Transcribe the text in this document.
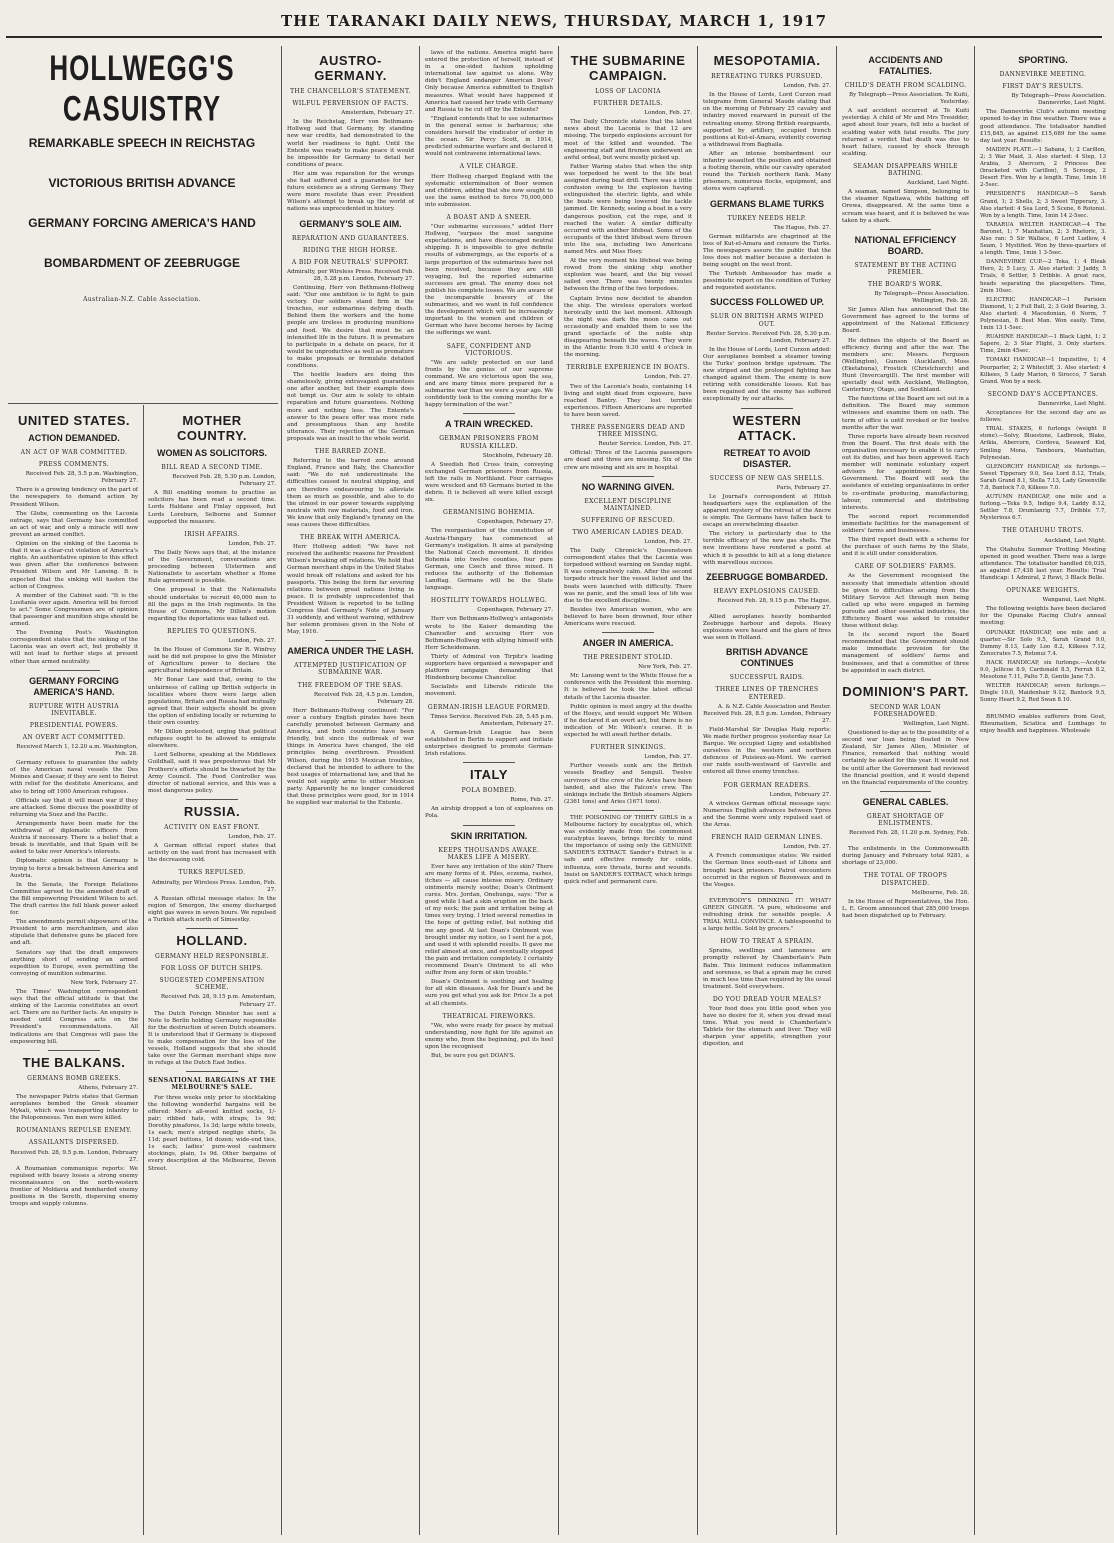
THE TARANAKI DAILY NEWS, THURSDAY, MARCH 1, 1917
HOLLWEGG'S CASUISTRY
REMARKABLE SPEECH IN REICHSTAG
VICTORIOUS BRITISH ADVANCE
GERMANY FORCING AMERICA'S HAND
BOMBARDMENT OF ZEEBRUGGE
Australian-N.Z. Cable Association.
UNITED STATES.
ACTION DEMANDED.
AN ACT OF WAR COMMITTED.
PRESS COMMENTS.
Received Feb. 28, 5.5 p.m. Washington, February 27.

There is a growing tendency on the part of the newspapers to demand action by President Wilson.

The Globe, commenting on the Laconia outrage, says that Germany has committed an act of war, and only a miracle will now prevent an armed conflict.

Opinion on the sinking of the Laconia is that it was a clear-cut violation of America's rights. An authoritative opinion to this effect was given after the conference between President Wilson and Mr Lansing. It is expected that the sinking will hasten the action of Congress.

A member of the Cabinet said: "It is the Lusitania over again. America will be forced to act." Some Congressmen are of opinion that passenger and munition ships should be armed.

The Evening Post's Washington correspondent states that the sinking of the Laconia was an overt act, but probably it will not lead to further steps at present other than armed neutrality.

GERMANY FORCING AMERICA'S HAND.
RUPTURE WITH AUSTRIA INEVITABLE.
PRESIDENTIAL POWERS.
AN OVERT ACT COMMITTED.
Received March 1, 12.20 a.m. Washington, Feb. 28.

Germany refuses to guarantee the safety of the American naval vessels the Des Moines and Caesar, if they are sent to Beirut with relief for the destitute Americans, and also to bring off 1000 American refugees.

Officials say that it will mean war if they are attacked. Some discuss the possibility of returning via Suez and the Pacific.

Arrangements have been made for the withdrawal of diplomatic officers from Austria if necessary. There is a belief that a break is inevitable, and that Spain will be asked to take over America's interests.

Diplomatic opinion is that Germany is trying to force a break between America and Austria.

In the Senate, the Foreign Relations Committee agreed to the amended draft of the Bill empowering President Wilson to act. The draft carries the full blank power asked for.

The amendments permit shipowners of the President to arm merchantmen, and also stipulate that defensive guns be placed fore and aft.

Senators say that the draft empowers anything short of sending an armed expedition to Europe, even permitting the convoying of munition submarine.

New York, February 27.

The Times' Washington correspondent says that the official attitude is that the sinking of the Laconia constitutes an overt act. There are no further facts. An enquiry is needed until Congress acts on the President's recommendations. All indications are that Congress will pass the empowering bill.

THE BALKANS.
GERMANS BOMB GREEKS.
Athens, February 27.

The newspaper Patris states that German aeroplanes bombed the Greek steamer Mykali, which was transporting infantry to the Peloponnesus. Ten men were killed.

ROUMANIANS REPULSE ENEMY.
ASSAILANTS DISPERSED.
Received Feb. 28, 9.5 p.m. London, February 27.

A Roumanian communique reports: We repulsed with heavy losses a strong enemy reconnaissance on the north-western frontier of Moldavia and bombarded enemy positions in the Sereth, dispersing enemy troops and supply columns.

MOTHER COUNTRY.
WOMEN AS SOLICITORS.
BILL READ A SECOND TIME.
Received Feb. 28, 5.30 p.m. London, February 27.

A Bill enabling women to practise as solicitors has been read a second time. Lords Haldane and Finlay opposed, but Lords Loreburn, Selborne and Sumner supported the measure.

IRISH AFFAIRS.
London, Feb. 27.

The Daily News says that, at the instance of the Government, conversations are proceeding between Ulstermen and Nationalists to ascertain whether a Home Rule agreement is possible.

One proposal is that the Nationalists should undertake to recruit 40,000 men to fill the gaps in the Irish regiments. In the House of Commons, Mr Dillon's motion regarding the deportations was talked out.

REPLIES TO QUESTIONS.
London, Feb. 27.

In the House of Commons Sir R. Winfrey said he did not propose to give the Minister of Agriculture power to declare the agricultural independence of Britain.

Mr Bonar Law said that, owing to the unfairness of calling up British subjects in localities where there were large alien populations, Britain and Russia had mutually agreed that their subjects should be given the option of enlisting locally or returning to their own country.

Mr Dillon protested, urging that political refugees ought to be allowed to emigrate elsewhere.

Lord Selborne, speaking at the Middlesex Guildhall, said it was preposterous that Mr Prothero's efforts should be thwarted by the Army Council. The Food Controller was director of national service, and this was a most dangerous policy.

RUSSIA.
ACTIVITY ON EAST FRONT.
London, Feb. 27.

A German official report states that activity on the east front has increased with the decreasing cold.

TURKS REPULSED.
Admiralty, per Wireless Press. London, Feb. 27.

A Russian official message states: In the region of Smorgon, the enemy discharged eight gas waves in seven hours. We repulsed a Turkish attack north of Simsestky.

HOLLAND.
GERMANY HELD RESPONSIBLE.
FOR LOSS OF DUTCH SHIPS.
SUGGESTED COMPENSATION SCHEME.
Received Feb. 28, 9.15 p.m. Amsterdam, February 27.

The Dutch Foreign Minister has sent a Note to Berlin holding Germany responsible for the destruction of seven Dutch steamers. It is understood that if Germany is disposed to make compensation for the loss of the vessels, Holland suggests that she should take over the German merchant ships now in refuge at the Dutch East Indies.

SENSATIONAL BARGAINS AT THE MELBOURNE'S SALE.

For three weeks only prior to stocktaking the following wonderful bargains will be offered: Men's all-wool knitted socks, 1/- pair; ribbed hats, with straps, 1s 9d; Dorothy pinafores, 1s 3d; large white towels, 1s each; men's striped neglige shirts, 3s 11d; pearl buttons, 1d dozen; wide-end ties, 1s each; ladies' pure-wool cashmere stockings, plain, 1s 9d. Other bargains of every description at the Melbourne, Devon Street.

AUSTRO-GERMANY.
THE CHANCELLOR'S STATEMENT.
WILFUL PERVERSION OF FACTS.
Amsterdam, February 27.

In the Reichstag, Herr von Bethmann-Hollweg said that Germany, by standing new war credits, had demonstrated to the world her readiness to fight. Until the Entente was ready to make peace it would be impossible for Germany to detail her conditions of peace.

Her aim was reparation for the wrongs she had suffered and a guarantee for her future existence as a strong Germany. They were more resolute than ever. President Wilson's attempt to break up the world of nations was unprecedented in history.

GERMANY'S SOLE AIM.
REPARATION AND GUARANTEES.
RIDING THE HIGH HORSE.
A BID FOR NEUTRALS' SUPPORT.
Admiralty, per Wireless Press. Received Feb. 28, 5.28 p.m. London, February 27.

Continuing, Herr von Bethmann-Hollweg said: "Our one ambition is to fight to gain victory. Our soldiers stand firm in the trenches, our submarines defying death. Behind them the workers and the home people are tireless in producing munitions and food. We desire that must be an intensified life in the future. It is premature to participate in a debate on peace, for it would be unproductive as well as premature to make proposals or formulate detailed conditions.

The hostile leaders are doing this shamelessly, giving extravagant guarantees one after another, but their example does not tempt us. Our aim is solely to obtain reparation and future guarantees. Nothing more and nothing less. The Entente's answer to the peace offer was more rude and presumptuous than any hostile utterance. Their rejection of the German proposals was an insult to the whole world.

THE BARRED ZONE.

Referring to the barred zone around England, France and Italy, the Chancellor said: "We do not underestimate the difficulties caused to neutral shipping, and are therefore endeavouring to alleviate them as much as possible, and also to do the utmost in our power towards supplying neutrals with raw materials, food and iron. We know that only England's tyranny on the seas causes these difficulties.

THE BREAK WITH AMERICA.

Herr Hollweg added: "We have not received the authentic reasons for President Wilson's breaking off relations. We hold that German merchant ships in the United States would break off relations and asked for his passports. This being the form far severing relations between great nations living in peace. It is probably unprecedented that President Wilson is reported to be telling Congress that Germany's Note of January 31 suddenly, and without warning, withdrew her solemn promises given in the Note of May, 1916.

AMERICA UNDER THE LASH.
ATTEMPTED JUSTIFICATION OF SUBMARINE WAR.
THE FREEDOM OF THE SEAS.
Received Feb. 28, 4.5 p.m. London, February 28.

Herr Bethmann-Hollweg continued: "For over a century English pirates have been carefully promoted between Germany and America, and both countries have been friendly, but since the outbreak of war things in America have changed, the old principles being overthrown. President Wilson, during the 1915 Mexican troubles, declared that he intended to adhere to the best usages of international law, and that he would not supply arms to either Mexican party. Apparently he no longer considered that these principles were good, for in 1914 he supplied war material to the Entente.

laws of the nations. America might have entered the protection of herself, instead of in a one-sided fashion upholding international law against us alone. Why didn't England endanger American lives? Only because America submitted to English measures. What would have happened if America had caused her trade with Germany and Russia to be cut off by the Entente?

"England contends that to use submarines in the general sense is barbarous; she considers herself the vindicator of order in the ocean. Sir Percy Scott, in 1914, predicted submarine warfare and declared it would not contravene international laws.

A VILE CHARGE.

Herr Hollweg charged England with the systematic extermination of Boer women and children, adding that she now sought to use the same method to force 70,000,000 into submission.

A BOAST AND A SNEER.

"Our submarine successes," added Herr Hollweg, "surpass the most sanguine expectations, and have discouraged neutral shipping. It is impossible to give definite results of submergings, as the reports of a large proportion of the submarines have not been received, because they are still voyaging, but the reported submarine successes are great. The enemy does not publish his complete losses. We are aware of the incomparable bravery of the submarines, and we want in full confidence the development which will be increasingly important to the women and children of German who have become heroes by facing the sufferings we want.

SAFE, CONFIDENT AND VICTORIOUS.

"We are safely protected on our land fronts by the genius of our supreme command. We are victorious upon the sea, and are many times more prepared for a submarine war than we were a year ago. We confidently look to the coming months for a happy termination of the war."

A TRAIN WRECKED.
GERMAN PRISONERS FROM RUSSIA KILLED.
Stockholm, February 28.

A Swedish Red Cross train, conveying exchanged German prisoners from Russia, left the rails in Northland. Four carriages were wrecked and 65 Germans buried in the debris. It is believed all were killed except six.

GERMANISING BOHEMIA.
Copenhagen, February 27.

The reorganisation of the constitution of Austria-Hungary has commenced at Germany's instigation. It aims at paralysing the National Czech movement. It divides Bohemia into twelve counties, four pure German, one Czech and three mixed. It reduces the authority of the Bohemian Landtag. Germans will be the State language.

HOSTILITY TOWARDS HOLLWEG.
Copenhagen, February 27.

Herr von Bethmann-Hollweg's antagonists wrote to the Kaiser demanding the Chancellor and accusing Herr von Bethmann-Hollweg with allying himself with Herr Scheidemann.

Thirty of Admiral von Tirpitz's leading supporters have organised a newspaper and platform campaign demanding that Hindenburg become Chancellor.

Socialists and Liberals ridicule the movement.

GERMAN-IRISH LEAGUE FORMED.
Times Service. Received Feb. 28, 5.45 p.m. Amsterdam, February 27.

A German-Irish League has been established in Berlin to support and initiate enterprises designed to promote German-Irish relations.

ITALY
POLA BOMBED.
Rome, Feb. 27.

An airship dropped a ton of explosives on Pola.

SKIN IRRITATION.
KEEPS THOUSANDS AWAKE. MAKES LIFE A MISERY.

Ever have any irritation of the skin? There are many forms of it. Piles, eczema, rashes, itches — all cause intense misery. Ordinary ointments merely soothe; Doan's Ointment cures. Mrs. Jordan, Onehunga, says: "For a good while I had a skin eruption on the back of my neck; the pain and irritation being at times very trying. I tried several remedies in the hope of getting relief, but nothing did me any good. At last Doan's Ointment was brought under my notice, so I sent for a pot, and used it with splendid results. It gave me relief almost at once, and eventually stopped the pain and irritation completely. I certainly recommend Doan's Ointment to all who suffer from any form of skin trouble."

Doan's Ointment is soothing and healing for all skin diseases. Ask for Doan's and be sure you get what you ask for. Price 3s a pot at all chemists.

THEATRICAL FIREWORKS.

"We, who were ready for peace by mutual understanding, now fight for life against an enemy who, from the beginning, put its heel upon the recognised

But, be sure you get DOAN'S.

THE SUBMARINE CAMPAIGN.
LOSS OF LACONIA
FURTHER DETAILS.
London, Feb. 27.

The Daily Chronicle states that the latest news about the Laconia is that 12 are missing. The torpedo explosions account for most of the killed and wounded. The engineering staff and firemen underwent an awful ordeal, but were mostly picked up.

Father Waring states that when the ship was torpedoed he went to the life boat assigned during boat drill. There was a little confusion owing to the explosion having extinguished the electric lights, and while the boats were being lowered the tackle jammed. Dr. Kennedy, seeing a boat in a very dangerous position, cut the rope, and it reached the water. A similar difficulty occurred with another lifeboat. Some of the occupants of the third lifeboat were thrown into the sea, including two Americans named Mrs. and Miss Hoey.

At the very moment his lifeboat was being rowed from the sinking ship another explosion was heard, and the big vessel sailed over. There was twenty minutes between the firing of the two torpedoes.

Captain Irvine now decided to abandon the ship. The wireless operators worked heroically until the last moment. Although the night was dark the moon came out occasionally and enabled them to see the grand spectacle of the noble ship disappearing beneath the waves. They were in the Atlantic from 9.30 until 4 o'clock in the morning.

TERRIBLE EXPERIENCE IN BOATS.
London, Feb. 27.

Two of the Laconia's boats, containing 14 living and eight dead from exposure, have reached Bantry. They lost terrible experiences. Fifteen Americans are reported to have been saved.

THREE PASSENGERS DEAD AND THREE MISSING.
Reuter Service. London, Feb. 27.

Official: Three of the Laconia passengers are dead and three are missing. Six of the crew are missing and six are in hospital.

NO WARNING GIVEN.
EXCELLENT DISCIPLINE MAINTAINED.
SUFFERING OF RESCUED.
TWO AMERICAN LADIES DEAD.
London, Feb. 27.

The Daily Chronicle's Queenstown correspondent states that the Laconia was torpedoed without warning on Sunday night. It was comparatively calm. After the second torpedo struck her the vessel listed and the boats were launched with difficulty. There was no panic, and the small loss of life was due to the excellent discipline.

Besides two American women, who are believed to have been drowned, four other Americans were rescued.

ANGER IN AMERICA.
THE PRESIDENT STOLID.
New York, Feb. 27.

Mr. Lansing went to the White House for a conference with the President this morning. It is believed he took the latest official details of the Laconia disaster.

Public opinion is most angry at the deaths of the Hoeys, and would support Mr. Wilson if he declared it an overt act, but there is no indication of Mr. Wilson's course. It is expected he will await further details.

FURTHER SINKINGS.
London, Feb. 27.

Further vessels sunk are the British vessels Bradley and Sengull. Twelve survivors of the crew of the Aries have been landed, and also the Falcon's crew. The sinkings include the British steamers Algiers (2361 tons) and Aries (1671 tons).

THE POISONING OF THIRTY GIRLS in a Melbourne factory by eucalyptus oil, which was evidently made from the commonest eucalyptus leaves, brings forcibly to mind the importance of using only the GENUINE SANDER'S EXTRACT. Sander's Extract is a safe and effective remedy for colds, influenza, sore throats, burns and wounds. Insist on SANDER'S EXTRACT, which brings quick relief and permanent cure.

MESOPOTAMIA.
RETREATING TURKS PURSUED.
London, Feb. 27.

In the House of Lords, Lord Curzon read telegrams from General Maude stating that on the morning of February 25 cavalry and infantry moved rearward in pursuit of the retreating enemy. Strong British rearguards, supported by artillery, occupied trench positions at Kut-el-Amara, evidently covering a withdrawal from Baghaila.

After an intense bombardment our infantry assaulted the position and obtained a footing therein, while our cavalry operated round the Turkish northern flank. Many prisoners, numerous flocks, equipment, and stores were captured.

GERMANS BLAME TURKS
TURKEY NEEDS HELP.
The Hague, Feb. 27.

German militarists are chagrined at the loss of Kut-el-Amara and censure the Turks. The newspapers assure the public that the loss does not matter because a decision is being sought on the west front.

The Turkish Ambassador has made a pessimistic report on the condition of Turkey and requested assistance.

SUCCESS FOLLOWED UP.
SLUR ON BRITISH ARMS WIPED OUT.
Reuter Service. Received Feb. 28, 5.30 p.m. London, February 27.

In the House of Lords, Lord Curzon added: Our aeroplanes bombed a steamer towing the Turks' pontoon bridge upstream. The new striped and the prolonged fighting has changed against them. The enemy is now retiring with considerable losses. Kut has been regained and the enemy has suffered exceptionally by our attacks.

WESTERN ATTACK.
RETREAT TO AVOID DISASTER.
SUCCESS OF NEW GAS SHELLS.
Paris, February 27.

Le Journal's correspondent at Hitish headquarters says the explanation of the apparent mystery of the retreat of the Ancre is simple. The Germans have fallen back to escape an overwhelming disaster.

The victory is particularly due to the terrible efficacy of the new gas shells. The new inventions have rendered a point at which it is possible to kill at a long distance with marvellous success.

ZEEBRUGGE BOMBARDED.
HEAVY EXPLOSIONS CAUSED.
Received Feb. 28, 9.15 p.m. The Hague, February 27.

Allied aeroplanes heavily bombarded Zeebrugge harbour and depots. Heavy explosions were heard and the glare of fires was seen in Holland.

BRITISH ADVANCE CONTINUES
SUCCESSFUL RAIDS.
THREE LINES OF TRENCHES ENTERED.
A. & N.Z. Cable Association and Reuter. Received Feb. 28, 8.5 p.m. London, February 27.

Field-Marshal Sir Douglas Haig reports: We made further progress yesterday near Le Barque. We occupied Ligny and established ourselves in the western and northern defences of Puisieux-au-Mont. We carried our raids south-westward of Gavrelle and entered all three enemy trenches.

FOR GERMAN READERS.
London, February 27.

A wireless German official message says: Numerous English advances between Ypres and the Somme were only repulsed east of the Arras.

FRENCH RAID GERMAN LINES.
London, Feb. 27.

A French communique states: We raided the German lines south-east of Lihons and brought back prisoners. Patrol encounters occurred in the region of Bezonvaux and in the Vosges.

EVERYBODY'S DRINKING IT! WHAT? GREEN GINGER. "A pure, wholesome and refreshing drink for sensible people. A TRIAL WILL CONVINCE. A tablespoonful to a large bottle. Sold by grocers."

HOW TO TREAT A SPRAIN.

Sprains, swellings and lameness are promptly relieved by Chamberlain's Pain Balm. This liniment reduces inflammation and soreness, so that a sprain may be cured in much less time than required by the usual treatment. Sold everywhere.

DO YOU DREAD YOUR MEALS?

Your food does you little good when you have no desire for it, when you dread meal time. What you need is Chamberlain's Tablets for the stomach and liver. They will sharpen your appetite, strengthen your digestion, and

ACCIDENTS AND FATALITIES.
CHILD'S DEATH FROM SCALDING.
By Telegraph—Press Association. Te Kuiti, Yesterday.

A sad accident occurred at Te Kuiti yesterday. A child of Mr and Mrs Tresidder, aged about four years, fell into a bucket of scalding water with fatal results. The jury returned a verdict that death was due to heart failure, caused by shock through scalding.

SEAMAN DISAPPEARS WHILE BATHING.
Auckland, Last Night.

A seaman, named Simpson, belonging to the steamer Ngatiawa, while bathing off Orewa, disappeared. At the same time a scream was heard, and it is believed he was taken by a shark.

NATIONAL EFFICIENCY BOARD.
STATEMENT BY THE ACTING PREMIER.
THE BOARD'S WORK.
By Telegraph—Press Association. Wellington, Feb. 28.

Sir James Allen has announced that the Government has agreed to the terms of appointment of the National Efficiency Board.

He defines the objects of the Board as efficiency during and after the war. The members are: Messrs. Ferguson (Wellington), Gunson (Auckland), Moss (Eketahuna), Frostick (Christchurch) and Hunt (Invercargill). The first member will specially deal with Auckland, Wellington, Canterbury, Otago, and Southland.

The functions of the Board are set out in a definition. The Board may summon witnesses and examine them on oath. The term of office is until revoked or for twelve months after the war.

Three reports have already been received from the Board. The first deals with the organisation necessary to enable it to carry out its duties, and has been approved. Each member will nominate voluntary expert advisers for appointment by the Government. The Board will seek the assistance of existing organisations in order to co-ordinate producing, manufacturing, labour, commercial and distributing interests.

The second report recommended immediate facilities for the management of soldiers' farms and businesses.

The third report dealt with a scheme for the purchase of such farms by the State, and it is still under consideration.

CARE OF SOLDIERS' FARMS.

As the Government recognised the necessity that immediate attention should be given to difficulties arising from the Military Service Act through men being called up who were engaged in farming pursuits and other essential industries, the Efficiency Board was asked to consider these without delay.

In its second report the Board recommended that the Government should make immediate provision for the management of soldiers' farms and businesses, and that a committee of three be appointed in each district.

DOMINION'S PART.
SECOND WAR LOAN FORESHADOWED.
Wellington, Last Night.

Questioned to-day as to the possibility of a second war loan being floated in New Zealand, Sir James Allen, Minister of Finance, remarked that nothing would certainly be asked for this year. It would not be until after the Government had reviewed the financial position, and it would depend on the financial requirements of the country.

GENERAL CABLES.
GREAT SHORTAGE OF ENLISTMENTS.
Received Feb. 28, 11.20 p.m. Sydney, Feb. 28.

The enlistments in the Commonwealth during January and February total 9281, a shortage of 23,000.

THE TOTAL OF TROOPS DISPATCHED.
Melbourne, Feb. 28.

In the House of Representatives, the Hon. L. E. Groom announced that 285,000 troops had been dispatched up to February.

SPORTING.
DANNEVIRKE MEETING.
FIRST DAY'S RESULTS.
By Telegraph—Press Association. Dannevirke, Last Night.

The Dannevirke Club's autumn meeting opened to-day in fine weather. There was a good attendance. The totalisator handled £15,845, as against £15,689 for the same day last year. Results:

MAIDEN PLATE.—1 Sabana, 1; 2 Carillon, 2; 3 War Maid, 3. Also started: 4 Step, 13 Arabia, 3 Abercorn, 2 Princess Bee (bracketed with Carillon), 5 Scrooge, 2 Desert Fire. Won by a length. Time, 1min 16 2-5sec.

PRESIDENT'S HANDICAP.—5 Sarah Grand, 1; 2 Shells, 2; 3 Sweet Tipperary, 3. Also started: 4 Sea Lord, 5 Scene, 6 Rotonui. Won by a length. Time, 1min 14 2-5sec.

TARARUA WELTER HANDICAP.—4 The Baronet, 1; 7 Manhattan, 2; 3 Rhetoric, 3. Also ran: 5 Sir Wallace, 6 Lord Ludlow, 4 Seam, 1 Mystified. Won by three-quarters of a length. Time, 1min 1 3-5sec.

DANNEVIRKE CUP.—2 Teka, 1; 4 Bleak Hero, 2; 5 Lucy, 3. Also started: 3 Jaddy, 5 Trials, 6 Settler, 5 Dribble. A great race, heads separating the placegetters. Time, 2min 10sec.

ELECTRIC HANDICAP.—1 Parisien Diamond, 1; 2 Full Ball, 2; 3 Gold Bearing, 3. Also started: 4 Macedonian, 6 Norm, 7 Polynesian, 8 Best Man. Won easily. Time, 1min 13 1-5sec.

RUAHINE HANDICAP.—1 Black Light, 1; 2 Sapere, 2; 3 Star Flight, 3. Only starters. Time, 2min 45sec.

TOMAKI HANDICAP.—1 Inquisitive, 1; 4 Pourparler, 2; 2 Whitecliff, 3. Also started: 4 Kilkees, 5 Lady Marion, 6 Sirocco, 7 Sarah Grand. Won by a neck.

SECOND DAY'S ACCEPTANCES.
Dannevirke, Last Night.

Acceptances for the second day are as follows:

TRIAL STAKES, 6 furlongs (weight 8 stone).—Solvy, Bluestone, Ladbrook, Blake, Arikia, Abercorn, Cordova, Seaward Kid, Smiling Mona, Tamboura, Manhattan, Polynesian.

GLENORCHY HANDICAP, six furlongs.—Sweet Tipperary 9.0, Sea Lord 8.12, Trials, Sarah Grand 8.1, Stella 7.13, Lady Greenville 7.8, Bantock 7.0, Kilkees 7.0.

AUTUMN HANDICAP, one mile and a furlong.—Teka 9.5, Indigo 9.4, Laddy 8.12, Settler 7.8, Drumlanrig 7.7, Dribble 7.7, Mysterious 6.7.

THE OTAHUHU TROTS.
Auckland, Last Night.

The Otahuhu Summer Trotting Meeting opened in good weather. There was a large attendance. The totalisator handled £6,035, as against £7,438 last year. Results: Trial Handicap: 1 Admiral, 2 Rewi, 3 Black Belle.

OPUNAKE WEIGHTS.
Wanganui, Last Night.

The following weights have been declared for the Opunake Racing Club's annual meeting:

OPUNAKE HANDICAP, one mile and a quarter.—Sir Solo 9.5, Sarah Grand 9.0, Dummy 8.13, Lady Loo 8.2, Kilkees 7.12, Zenocrates 7.5, Rotonui 7.4.

HACK HANDICAP, six furlongs.—Acolyte 9.0, Jellicoe 8.9, Cardonald 8.5, Ferrah 8.2, Mesotone 7.11, Palto 7.8, Gentle Jane 7.5.

WELTER HANDICAP, seven furlongs.—Dingle 10.0, Maidenhair 9.12, Bantock 9.5, Sunny Heart 9.2, Red Swan 8.10.

BRUMMO enables sufferers from Gout, Rheumatism, Sciatica and Lumbago to enjoy health and happiness. Wholesale
